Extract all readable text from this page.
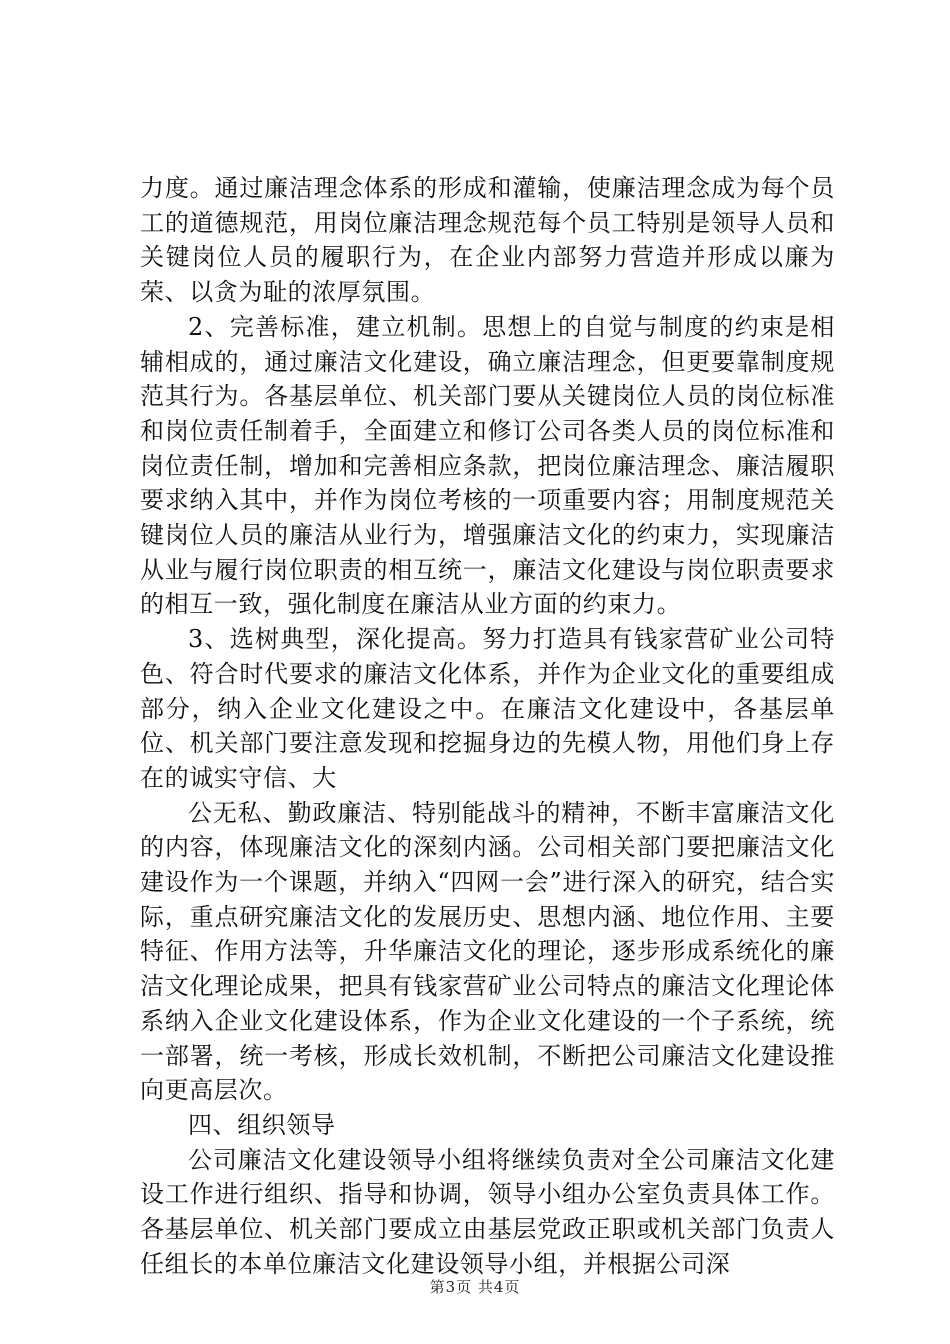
力度。通过廉洁理念体系的形成和灌输，使廉洁理念成为每个员工的道德规范，用岗位廉洁理念规范每个员工特别是领导人员和关键岗位人员的履职行为，在企业内部努力营造并形成以廉为荣、以贪为耻的浓厚氛围。

2、完善标准，建立机制。思想上的自觉与制度的约束是相辅相成的，通过廉洁文化建设，确立廉洁理念，但更要靠制度规范其行为。各基层单位、机关部门要从关键岗位人员的岗位标准和岗位责任制着手，全面建立和修订公司各类人员的岗位标准和岗位责任制，增加和完善相应条款，把岗位廉洁理念、廉洁履职要求纳入其中，并作为岗位考核的一项重要内容；用制度规范关键岗位人员的廉洁从业行为，增强廉洁文化的约束力，实现廉洁从业与履行岗位职责的相互统一，廉洁文化建设与岗位职责要求的相互一致，强化制度在廉洁从业方面的约束力。

3、选树典型，深化提高。努力打造具有钱家营矿业公司特色、符合时代要求的廉洁文化体系，并作为企业文化的重要组成部分，纳入企业文化建设之中。在廉洁文化建设中，各基层单位、机关部门要注意发现和挖掘身边的先模人物，用他们身上存在的诚实守信、大

公无私、勤政廉洁、特别能战斗的精神，不断丰富廉洁文化的内容，体现廉洁文化的深刻内涵。公司相关部门要把廉洁文化建设作为一个课题，并纳入“四网一会”进行深入的研究，结合实际，重点研究廉洁文化的发展历史、思想内涵、地位作用、主要特征、作用方法等，升华廉洁文化的理论，逐步形成系统化的廉洁文化理论成果，把具有钱家营矿业公司特点的廉洁文化理论体系纳入企业文化建设体系，作为企业文化建设的一个子系统，统一部署，统一考核，形成长效机制，不断把公司廉洁文化建设推向更高层次。

四、组织领导

公司廉洁文化建设领导小组将继续负责对全公司廉洁文化建设工作进行组织、指导和协调，领导小组办公室负责具体工作。各基层单位、机关部门要成立由基层党政正职或机关部门负责人任组长的本单位廉洁文化建设领导小组，并根据公司深

第3页 共4页
